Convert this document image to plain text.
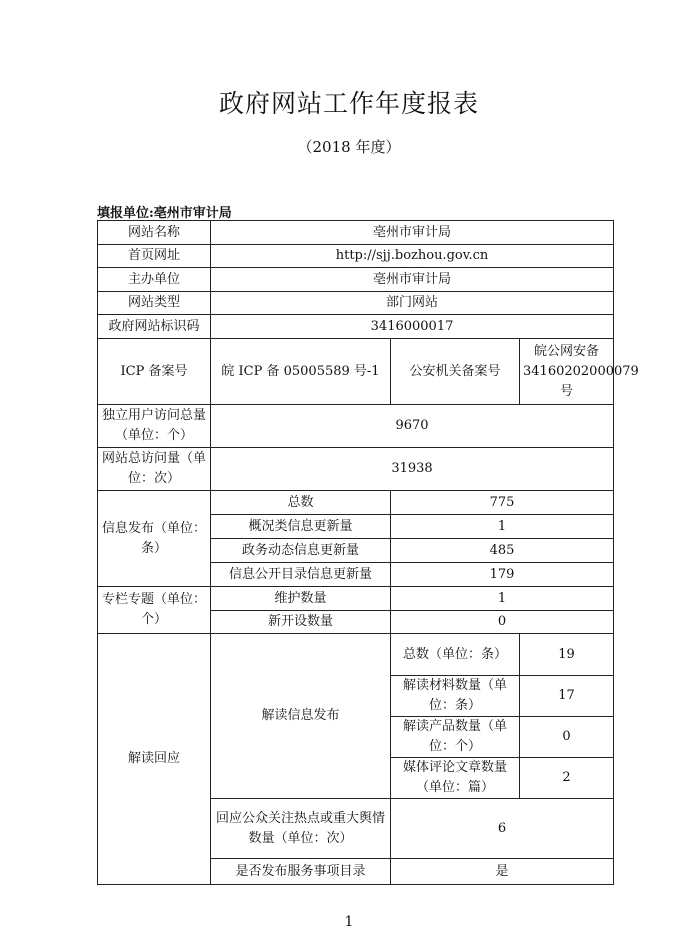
政府网站工作年度报表
（2018 年度）
填报单位:亳州市审计局
网站名称	亳州市审计局		
首页网址	http://sjj.bozhou.gov.cn		
主办单位	亳州市审计局		
网站类型	部门网站		
政府网站标识码	3416000017		
ICP 备案号	皖 ICP 备 05005589 号-1	公安机关备案号	皖公网安备 34160202000079 号
独立用户访问总量（单位：个）	9670		
网站总访问量（单位：次）	31938		
信息发布（单位：条）	总数	775	
	概况类信息更新量	1	
	政务动态信息更新量	485	
	信息公开目录信息更新量	179	
专栏专题（单位：个）	维护数量	1	
	新开设数量	0	
解读回应	解读信息发布	总数（单位：条）	19
		解读材料数量（单位：条）	17
		解读产品数量（单位：个）	0
		媒体评论文章数量（单位：篇）	2
	回应公众关注热点或重大舆情数量（单位：次）	6	
	是否发布服务事项目录	是	
1
